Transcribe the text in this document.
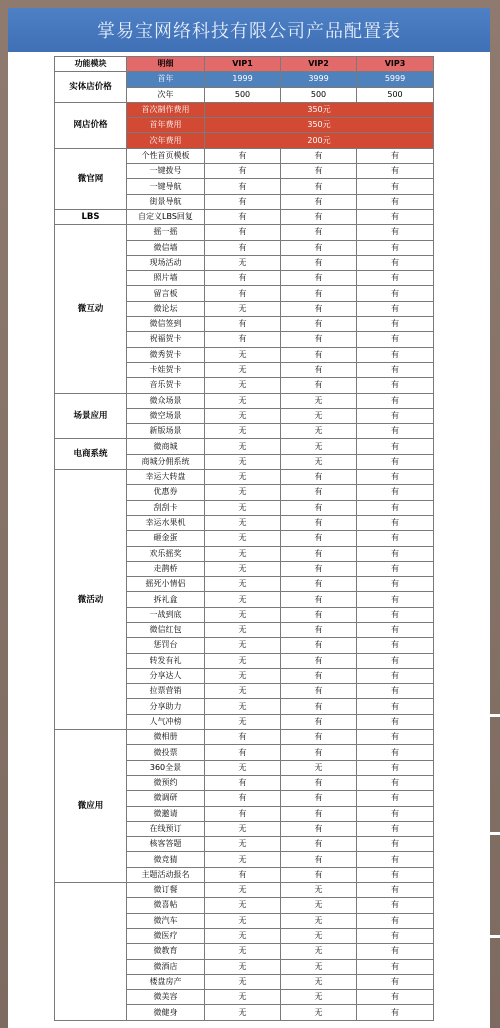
掌易宝网络科技有限公司产品配置表
功能模块	明细	VIP1	VIP2	VIP3
实体店价格	首年	1999	3999	5999
	次年	500	500	500
网店价格	首次制作费用	350元		
	首年费用	350元		
	次年费用	200元		
微官网	个性首页模板	有	有	有
	一键拨号	有	有	有
	一键导航	有	有	有
	街景导航	有	有	有
LBS	自定义LBS回复	有	有	有
微互动	摇一摇	有	有	有
	微信墙	有	有	有
	现场活动	无	有	有
	照片墙	有	有	有
	留言板	有	有	有
	微论坛	无	有	有
	微信签到	有	有	有
	祝福贺卡	有	有	有
	微秀贺卡	无	有	有
	卡娃贺卡	无	有	有
	音乐贺卡	无	有	有
场景应用	微众场景	无	无	有
	微空场景	无	无	有
	新版场景	无	无	有
电商系统	微商城	无	无	有
	商城分佣系统	无	无	有
微活动	幸运大转盘	无	有	有
	优惠券	无	有	有
	刮刮卡	无	有	有
	幸运水果机	无	有	有
	砸金蛋	无	有	有
	欢乐摇奖	无	有	有
	走鹊桥	无	有	有
	摇死小情侣	无	有	有
	拆礼盒	无	有	有
	一战到底	无	有	有
	微信红包	无	有	有
	惩罚台	无	有	有
	转发有礼	无	有	有
	分享达人	无	有	有
	拉票营销	无	有	有
	分享助力	无	有	有
	人气冲榜	无	有	有
微应用	微相册	有	有	有
	微投票	有	有	有
	360全景	无	无	有
	微预约	有	有	有
	微调研	有	有	有
	微邀请	有	有	有
	在线预订	无	有	有
	核客答题	无	有	有
	微竞猜	无	有	有
	主题活动报名	有	有	有
	微订餐	无	无	有
	微喜帖	无	无	有
	微汽车	无	无	有
	微医疗	无	无	有
	微教育	无	无	有
	微酒店	无	无	有
	楼盘房产	无	无	有
	微美容	无	无	有
	微健身	无	无	有
